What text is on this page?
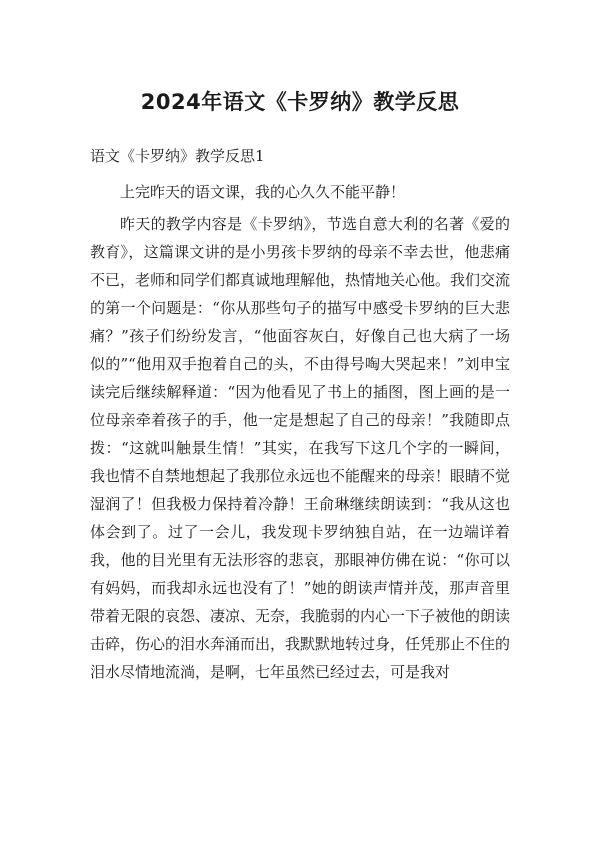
2024年语文《卡罗纳》教学反思

语文《卡罗纳》教学反思1

上完昨天的语文课，我的心久久不能平静！

昨天的教学内容是《卡罗纳》，节选自意大利的名著《爱的教育》，这篇课文讲的是小男孩卡罗纳的母亲不幸去世，他悲痛不已，老师和同学们都真诚地理解他，热情地关心他。我们交流的第一个问题是：“你从那些句子的描写中感受卡罗纳的巨大悲痛？”孩子们纷纷发言，“他面容灰白，好像自己也大病了一场似的”“他用双手抱着自己的头，不由得号啕大哭起来！”刘申宝读完后继续解释道：“因为他看见了书上的插图，图上画的是一位母亲牵着孩子的手，他一定是想起了自己的母亲！”我随即点拨：“这就叫触景生情！”其实，在我写下这几个字的一瞬间，我也情不自禁地想起了我那位永远也不能醒来的母亲！眼睛不觉湿润了！但我极力保持着冷静！王俞琳继续朗读到：“我从这也体会到了。过了一会儿，我发现卡罗纳独自站，在一边端详着我，他的目光里有无法形容的悲哀，那眼神仿佛在说：“你可以有妈妈，而我却永远也没有了！”她的朗读声情并茂，那声音里带着无限的哀怨、凄凉、无奈，我脆弱的内心一下子被他的朗读击碎，伤心的泪水奔涌而出，我默默地转过身，任凭那止不住的泪水尽情地流淌，是啊，七年虽然已经过去，可是我对
